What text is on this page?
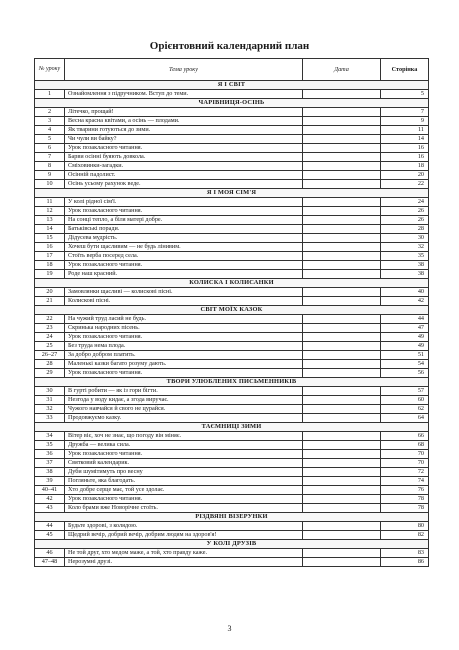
Орієнтовний календарний план
№ уроку	Тема уроку	Дата	Сторінка
Я І СВІТ			
1	Ознайомлення з підручником. Вступ до теми.		5
ЧАРІВНИЦЯ-ОСІНЬ			
2	Літечко, прощай!		7
3	Весна красна квітами, а осінь — плодами.		9
4	Як тварини готуються до зими.		11
5	Чи чули ви байку?		14
6	Урок позакласного читання.		16
7	Барви осінні буяють довкола.		16
8	Сміховинки-загадки.		18
9	Осінній падолист.		20
10	Осінь усьому рахунок веде.		22
Я І МОЯ СІМ'Я			
11	У колі рідної сім'ї.		24
12	Урок позакласного читання.		26
13	На сонці тепло, а біля матері добре.		26
14	Батьківські поради.		28
15	Дідусева мудрість.		30
16	Хочеш бути щасливим — не будь лінивим.		32
17	Стоїть верба посеред села.		35
18	Урок позакласного читання.		38
19	Роде наш красний.		38
КОЛИСКА І КОЛИСАНКИ			
20	Замовлянки щасливі — колискові пісні.		40
21	Колискові пісні.		42
СВІТ МОЇХ КАЗОК			
22	На чужий труд ласий не будь.		44
23	Скринька народних пісень.		47
24	Урок позакласного читання.		49
25	Без труда нема плода.		49
26–27	За добро добром платить.		51
28	Маленькі казки багато розуму дають.		54
29	Урок позакласного читання.		56
ТВОРИ УЛЮБЛЕНИХ ПИСЬМЕННИКІВ			
30	В гурті робити — як із гори бігти.		57
31	Незгода у воду кидає, а згода виручає.		60
32	Чужого навчайся й свого не цурайся.		62
33	Продовжуємо казку.		64
ТАЄМНИЦІ ЗИМИ			
34	Вітер віє, хоч не знає, що погоду він міняє.		66
35	Дружба — велика сила.		68
36	Урок позакласного читання.		70
37	Святковий календарик.		70
38	Дуби шумітимуть про весну		72
39	Погляньте, яка благодать.		74
40–41	Хто добре серце має, той усе здолає.		76
42	Урок позакласного читання.		78
43	Коло брами вже Новорічне стоїть.		78
РІЗДВЯНІ ВІЗЕРУНКИ			
44	Будьте здорові, з коляд​ою.		80
45	Щедрий вечір, добрий вечір, добрим людям на здоров'я!		82
У КОЛІ ДРУЗІВ			
46	Не той друг, хто медом маже, а той, хто правду каже.		83
47–48	Нерозумні друзі.		86
3
